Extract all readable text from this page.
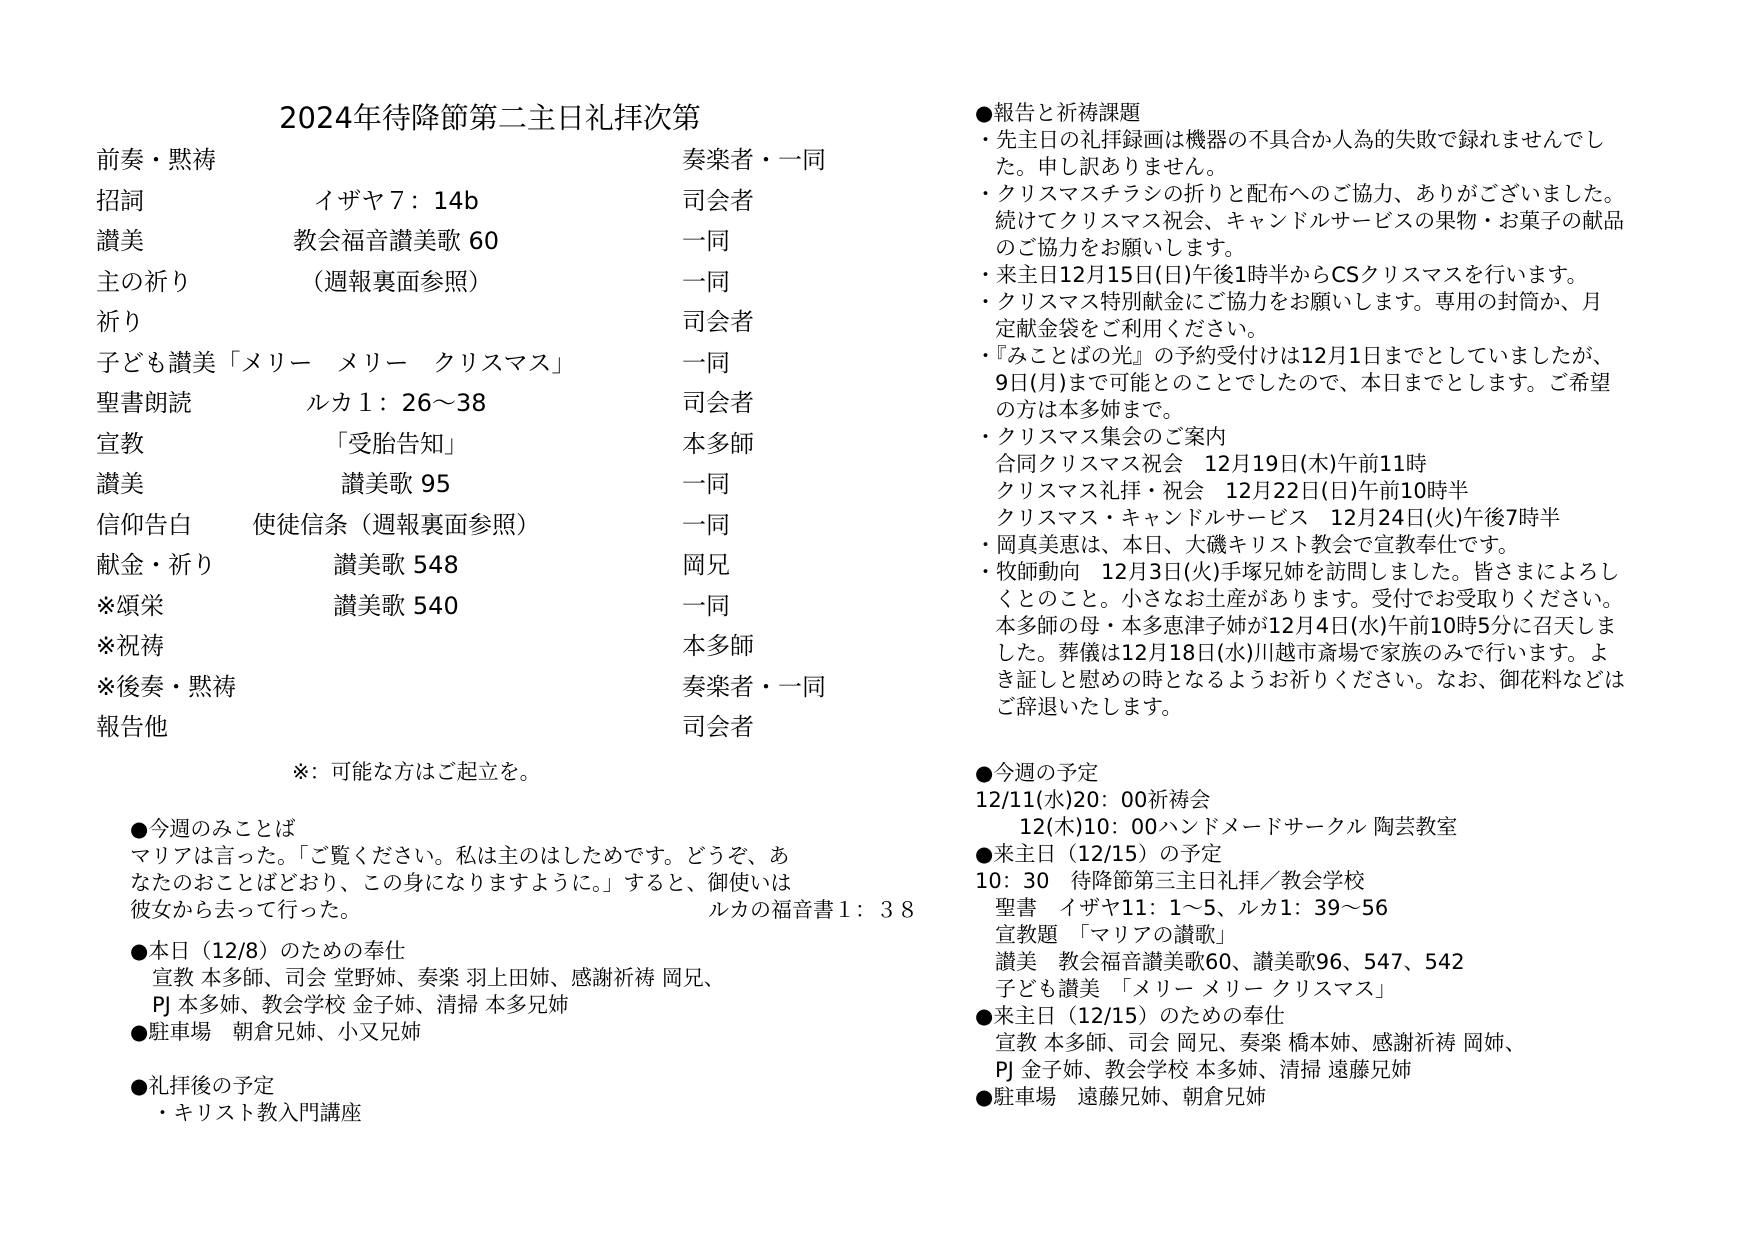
2024年待降節第二主日礼拝次第
前奏・黙祷	奏楽者・一同
招詞	イザヤ７：14b	司会者
讃美	教会福音讃美歌 60	一同
主の祈り	（週報裏面参照）	一同
祈り	司会者
子ども讃美 「メリー　メリー　クリスマス」	一同
聖書朗読	ルカ１：26～38	司会者
宣教	「受胎告知」	本多師
讃美	讃美歌 95	一同
信仰告白	使徒信条（週報裏面参照）	一同
献金・祈り	讃美歌 548	岡兄
※頌栄	讃美歌 540	一同
※祝祷	本多師
※後奏・黙祷	奏楽者・一同
報告他	司会者
※：可能な方はご起立を。
●今週のみことば
マリアは言った。「ご覧ください。私は主のはしためです。どうぞ、あ
なたのおことばどおり、この身になりますように。」すると、御使いは
彼女から去って行った。	ルカの福音書１：３８
●本日（12/8）のための奉仕
宣教 本多師、司会 堂野姉、奏楽 羽上田姉、感謝祈祷 岡兄、
PJ 本多姉、教会学校 金子姉、清掃 本多兄姉
●駐車場　朝倉兄姉、小又兄姉
●礼拝後の予定
・キリスト教入門講座
●報告と祈祷課題
・先主日の礼拝録画は機器の不具合か人為的失敗で録れませんでし
た。申し訳ありません。
・クリスマスチラシの折りと配布へのご協力、ありがございました。
続けてクリスマス祝会、キャンドルサービスの果物・お菓子の献品
のご協力をお願いします。
・来主日12月15日(日)午後1時半からCSクリスマスを行います。
・クリスマス特別献金にご協力をお願いします。専用の封筒か、月
定献金袋をご利用ください。
・『みことばの光』の予約受付けは12月1日までとしていましたが、
9日(月)まで可能とのことでしたので、本日までとします。ご希望
の方は本多姉まで。
・クリスマス集会のご案内
合同クリスマス祝会　12月19日(木)午前11時
クリスマス礼拝・祝会　12月22日(日)午前10時半
クリスマス・キャンドルサービス　12月24日(火)午後7時半
・岡真美恵は、本日、大磯キリスト教会で宣教奉仕です。
・牧師動向　12月3日(火)手塚兄姉を訪問しました。皆さまによろし
くとのこと。小さなお土産があります。受付でお受取りください。
本多師の母・本多恵津子姉が12月4日(水)午前10時5分に召天しま
した。葬儀は12月18日(水)川越市斎場で家族のみで行います。よ
き証しと慰めの時となるようお祈りください。なお、御花料などは
ご辞退いたします。
●今週の予定
12/11(水)20：00祈祷会
12(木)10：00ハンドメードサークル 陶芸教室
●来主日（12/15）の予定
10：30　待降節第三主日礼拝／教会学校
聖書　イザヤ11：1～5、ルカ1：39～56
宣教題　「マリアの讃歌」
讃美　教会福音讃美歌60、讃美歌96、547、542
子ども讃美　「メリー メリー クリスマス」
●来主日（12/15）のための奉仕
宣教 本多師、司会 岡兄、奏楽 橋本姉、感謝祈祷 岡姉、
PJ 金子姉、教会学校 本多姉、清掃 遠藤兄姉
●駐車場　遠藤兄姉、朝倉兄姉
